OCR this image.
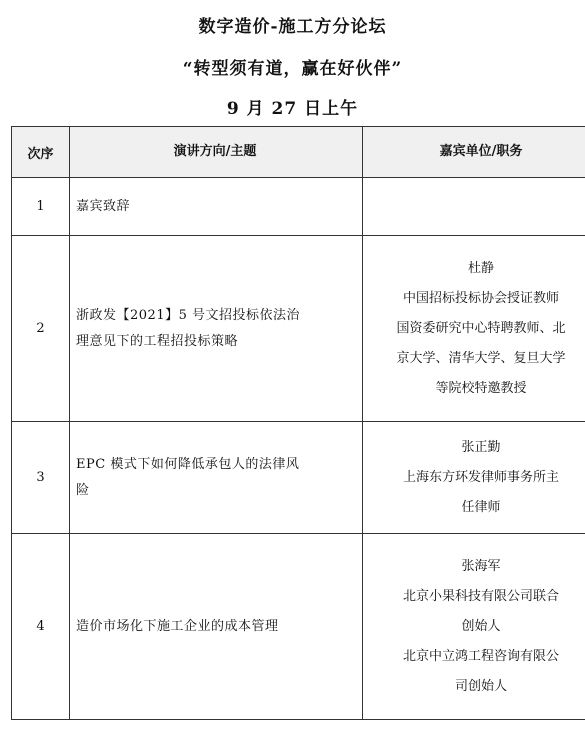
数字造价-施工方分论坛
“转型须有道，赢在好伙伴”
9 月 27 日上午
次序	演讲方向/主题	嘉宾单位/职务
1	嘉宾致辞	

2	浙政发【2021】5 号文招投标依法治
理意见下的工程招投标策略	杜静
中国招标投标协会授证教师
国资委研究中心特聘教师、北
京大学、清华大学、复旦大学
等院校特邀教授

3	EPC 模式下如何降低承包人的法律风
险	张正勤
上海东方环发律师事务所主
任律师

4	造价市场化下施工企业的成本管理	张海军
北京小果科技有限公司联合
创始人
北京中立鸿工程咨询有限公
司创始人
